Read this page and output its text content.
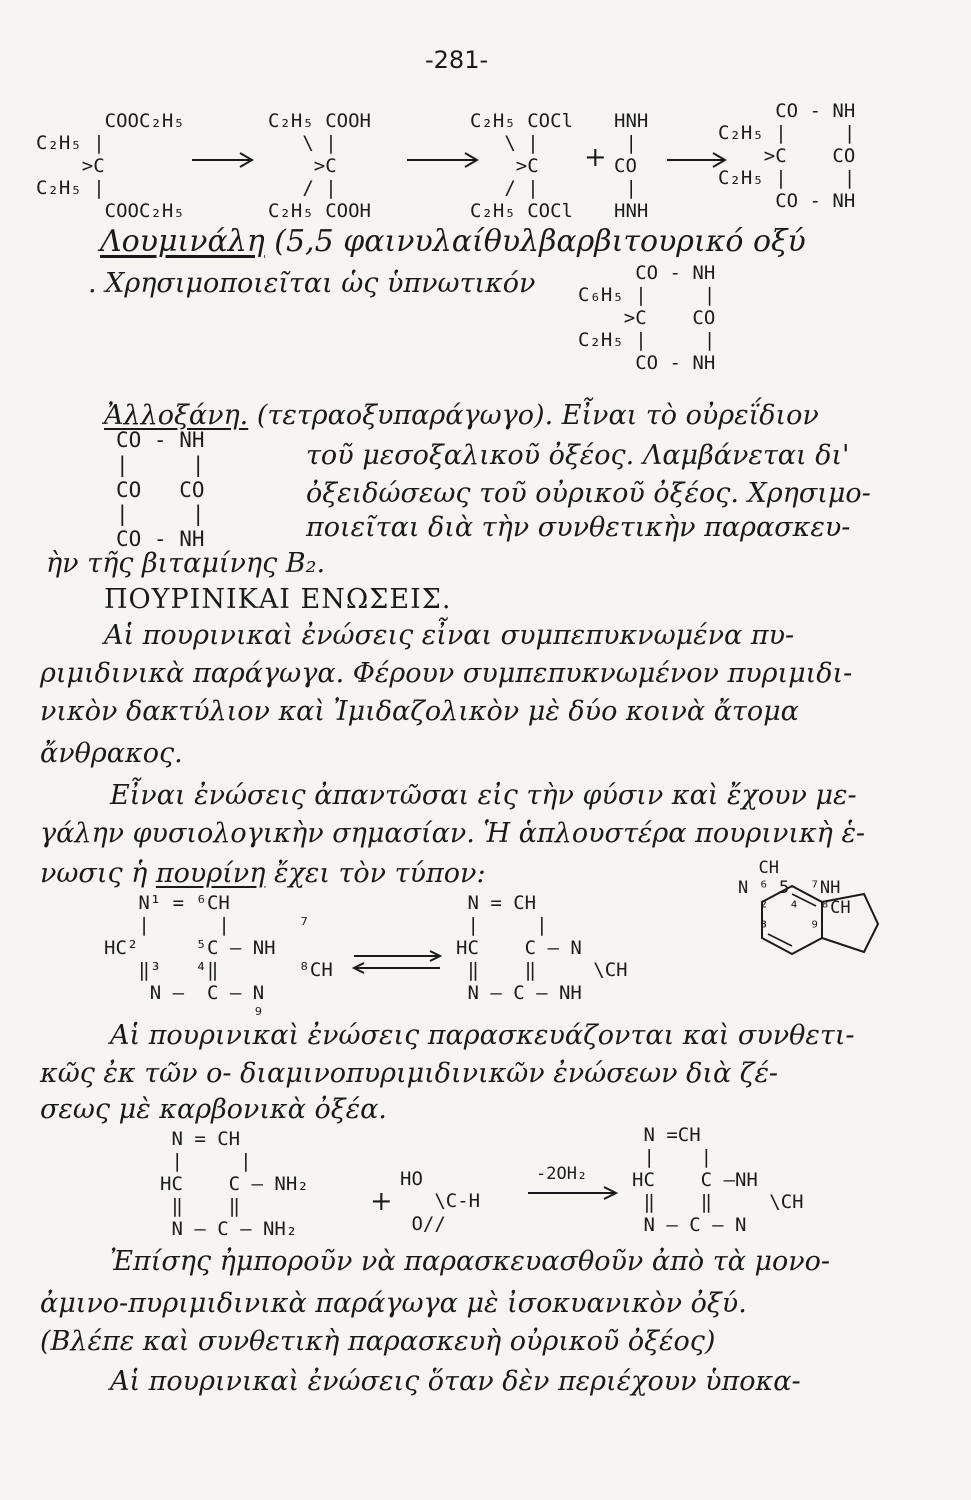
-281-
COOC₂H₅
C₂H₅ |
>C
C₂H₅ |
COOC₂H₅
C₂H₅ COOH
\ |
>C
/ |
C₂H₅ COOH
C₂H₅ COCl
\ |
>C
/ |
C₂H₅ COCl
+
HNH
|
CO
|
HNH
CO - NH
C₂H₅ |     |
>C    CO
C₂H₅ |     |
CO - NH
Λουμινάλη (5,5 φαινυλαίθυλβαρβιτουρικό οξύ
. Χρησιμοποιεῖται ὡς ὑπνωτικόν	CO - NH
C₆H₅ |     |
>C    CO
C₂H₅ |     |
CO - NH
Ἀλλοξάνη. (τετραοξυπαράγωγο). Εἶναι τὸ οὐρεΐδιον
CO - NH
|     |
CO   CO
|     |
CO - NH
τοῦ μεσοξαλικοῦ ὀξέος. Λαμβάνεται δι'
ὀξειδώσεως τοῦ οὐρικοῦ ὀξέος. Χρησιμο-
ποιεῖται διὰ τὴν συνθετικὴν παρασκευ-
ὴν τῆς βιταμίνης B₂.
ΠΟΥΡΙΝΙΚΑΙ ΕΝΩΣΕΙΣ.
Αἱ πουρινικαὶ ἐνώσεις εἶναι συμπεπυκνωμένα πυ-
ριμιδινικὰ παράγωγα. Φέρουν συμπεπυκνωμένον πυριμιδι-
νικὸν δακτύλιον καὶ Ἰμιδαζολικὸν μὲ δύο κοινὰ ἄτομα
ἄνθρακος.
Εἶναι ἐνώσεις ἀπαντῶσαι εἰς τὴν φύσιν καὶ ἔχουν με-
γάλην φυσιολογικὴν σημασίαν. Ἡ ἁπλουστέρα πουρινικὴ ἑ-
νωσις ἡ πουρίνη ἔχει τὸν τύπον:
N¹ = ⁶CH
|      |      ⁷
HC²     ⁵C — NH
‖³   ⁴‖       ⁸CH
N —  C — N
⁹
N = CH
|     |
HC    C — N
‖    ‖     \CH
N — C — NH
CH
N ⁶ 5  ⁷NH
²  ⁴  ⁸CH
³    ⁹
Αἱ πουρινικαὶ ἐνώσεις παρασκευάζονται καὶ συνθετι-
κῶς ἐκ τῶν ο- διαμινοπυριμιδινικῶν ἐνώσεων διὰ ζέ-
σεως μὲ καρβονικὰ ὀξέα.
N = CH
|     |
HC    C — NH₂
‖    ‖
N — C — NH₂
+
HO
\C-H
O//
-2OH₂
N =CH
|    |
HC    C —NH
‖    ‖     \CH
N — C — N
Ἐπίσης ἠμποροῦν νὰ παρασκευασθοῦν ἀπὸ τὰ μονο-
ἀμινο-πυριμιδινικὰ παράγωγα μὲ ἰσοκυανικὸν ὀξύ.
(Βλέπε καὶ συνθετικὴ παρασκευὴ οὐρικοῦ ὀξέος)
Αἱ πουρινικαὶ ἐνώσεις ὅταν δὲν περιέχουν ὑποκα-
